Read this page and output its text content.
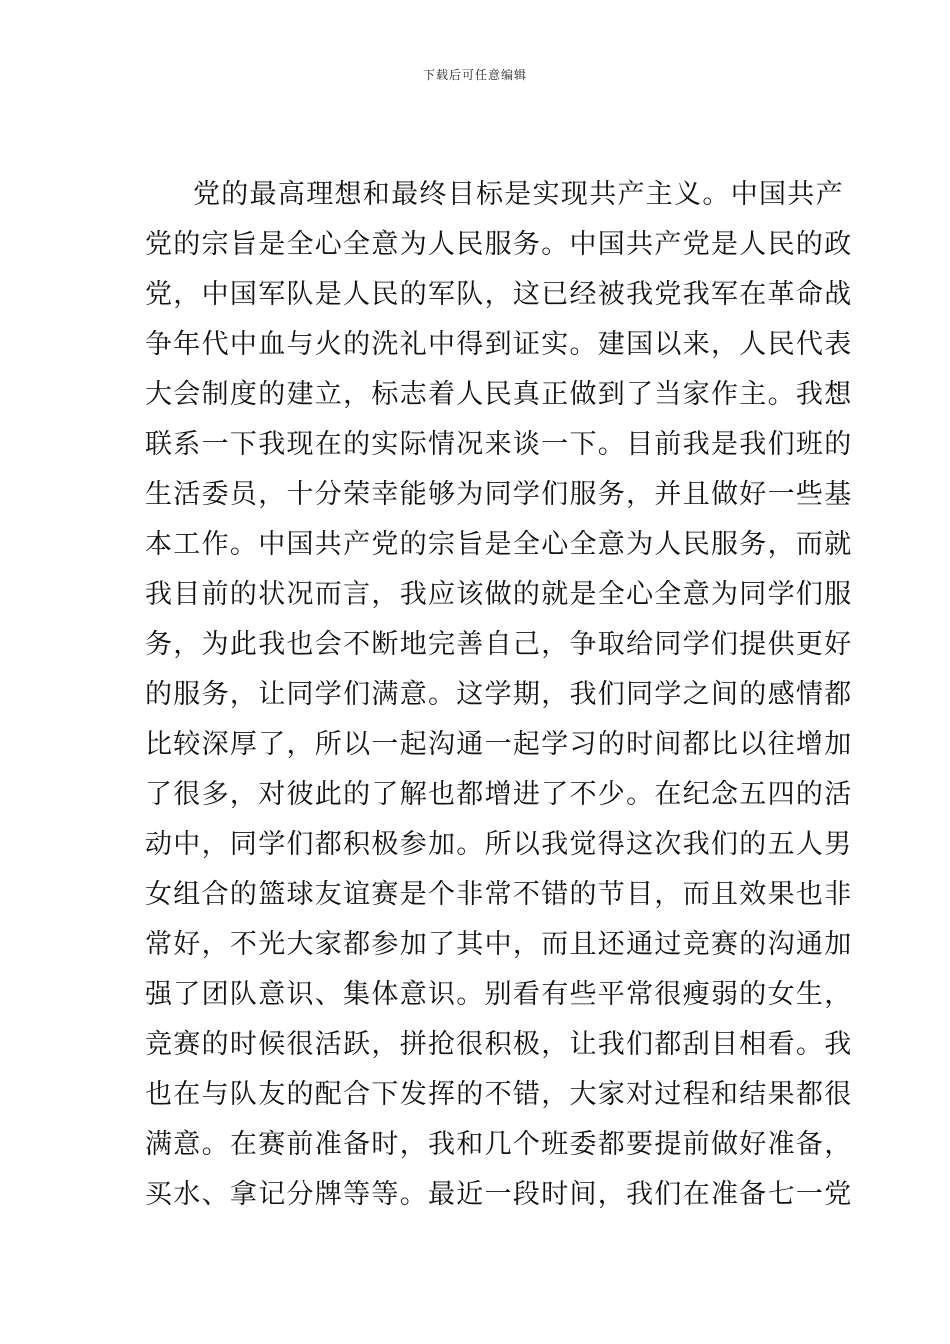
下载后可任意编辑
党的最高理想和最终目标是实现共产主义。中国共产
党的宗旨是全心全意为人民服务。中国共产党是人民的政
党，中国军队是人民的军队，这已经被我党我军在革命战
争年代中血与火的洗礼中得到证实。建国以来，人民代表
大会制度的建立，标志着人民真正做到了当家作主。我想
联系一下我现在的实际情况来谈一下。目前我是我们班的
生活委员，十分荣幸能够为同学们服务，并且做好一些基
本工作。中国共产党的宗旨是全心全意为人民服务，而就
我目前的状况而言，我应该做的就是全心全意为同学们服
务，为此我也会不断地完善自己，争取给同学们提供更好
的服务，让同学们满意。这学期，我们同学之间的感情都
比较深厚了，所以一起沟通一起学习的时间都比以往增加
了很多，对彼此的了解也都增进了不少。在纪念五四的活
动中，同学们都积极参加。所以我觉得这次我们的五人男
女组合的篮球友谊赛是个非常不错的节目，而且效果也非
常好，不光大家都参加了其中，而且还通过竞赛的沟通加
强了团队意识、集体意识。别看有些平常很瘦弱的女生，
竞赛的时候很活跃，拼抢很积极，让我们都刮目相看。我
也在与队友的配合下发挥的不错，大家对过程和结果都很
满意。在赛前准备时，我和几个班委都要提前做好准备，
买水、拿记分牌等等。最近一段时间，我们在准备七一党
